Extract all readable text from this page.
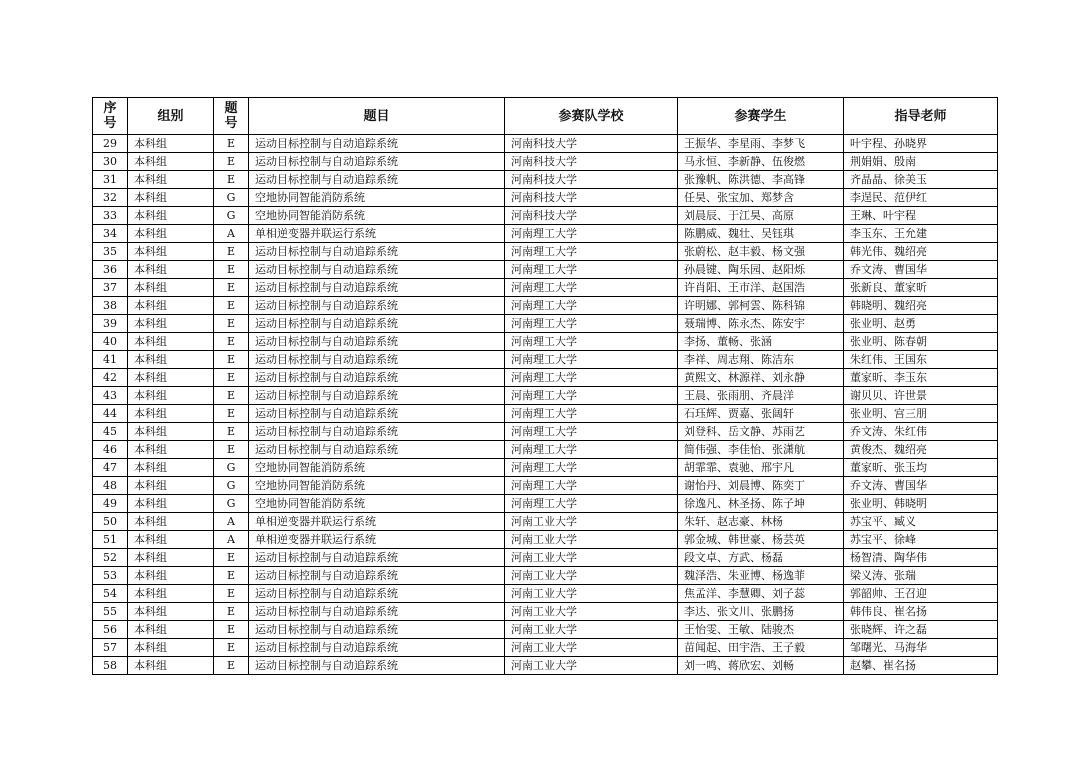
序号	组别	题号	题目	参赛队学校	参赛学生	指导老师
29	本科组	E	运动目标控制与自动追踪系统	河南科技大学	王振华、李星雨、李梦飞	叶宇程、孙晓界
30	本科组	E	运动目标控制与自动追踪系统	河南科技大学	马永恒、李新静、伍俊燃	荆娟娟、殷南
31	本科组	E	运动目标控制与自动追踪系统	河南科技大学	张豫帆、陈洪德、李高锋	齐晶晶、徐美玉
32	本科组	G	空地协同智能消防系统	河南科技大学	任昊、张宝加、郑梦含	李逞民、范伊红
33	本科组	G	空地协同智能消防系统	河南科技大学	刘晨辰、于江昊、高原	王琳、叶宇程
34	本科组	A	单相逆变器并联运行系统	河南理工大学	陈鹏威、魏壮、吴钰琪	李玉东、王允建
35	本科组	E	运动目标控制与自动追踪系统	河南理工大学	张蔚松、赵丰毅、杨文强	韩光伟、魏绍亮
36	本科组	E	运动目标控制与自动追踪系统	河南理工大学	孙晨键、陶乐园、赵阳烁	乔文涛、曹国华
37	本科组	E	运动目标控制与自动追踪系统	河南理工大学	许肖阳、王市洋、赵国浩	张新良、董家昕
38	本科组	E	运动目标控制与自动追踪系统	河南理工大学	许明娜、郭柯雲、陈科锦	韩晓明、魏绍亮
39	本科组	E	运动目标控制与自动追踪系统	河南理工大学	聂瑞博、陈永杰、陈安宇	张业明、赵勇
40	本科组	E	运动目标控制与自动追踪系统	河南理工大学	李扬、董畅、张涵	张业明、陈春朝
41	本科组	E	运动目标控制与自动追踪系统	河南理工大学	李祥、周志翔、陈洁东	朱红伟、王国东
42	本科组	E	运动目标控制与自动追踪系统	河南理工大学	黄熙文、林源祥、刘永静	董家昕、李玉东
43	本科组	E	运动目标控制与自动追踪系统	河南理工大学	王晨、张雨朋、齐晨洋	谢贝贝、许世景
44	本科组	E	运动目标控制与自动追踪系统	河南理工大学	石珏辉、贾嘉、张阔轩	张业明、宫三朋
45	本科组	E	运动目标控制与自动追踪系统	河南理工大学	刘登科、岳文静、苏雨艺	乔文涛、朱红伟
46	本科组	E	运动目标控制与自动追踪系统	河南理工大学	简伟强、李佳怡、张潇航	黄俊杰、魏绍亮
47	本科组	G	空地协同智能消防系统	河南理工大学	胡霏霏、袁驰、邢宇凡	董家昕、张玉均
48	本科组	G	空地协同智能消防系统	河南理工大学	谢怡丹、刘晨博、陈奕丁	乔文涛、曹国华
49	本科组	G	空地协同智能消防系统	河南理工大学	徐逸凡、林圣扬、陈子坤	张业明、韩晓明
50	本科组	A	单相逆变器并联运行系统	河南工业大学	朱轩、赵志豪、林杨	苏宝平、臧义
51	本科组	A	单相逆变器并联运行系统	河南工业大学	郭金城、韩世豪、杨芸英	苏宝平、徐峰
52	本科组	E	运动目标控制与自动追踪系统	河南工业大学	段文卓、方武、杨磊	杨智清、陶华伟
53	本科组	E	运动目标控制与自动追踪系统	河南工业大学	魏泽浩、朱亚博、杨逸菲	梁义涛、张瑞
54	本科组	E	运动目标控制与自动追踪系统	河南工业大学	焦孟洋、李慧卿、刘子蕊	郭韶帅、王召迎
55	本科组	E	运动目标控制与自动追踪系统	河南工业大学	李达、张文川、张鹏扬	韩伟良、崔名扬
56	本科组	E	运动目标控制与自动追踪系统	河南工业大学	王怡雯、王敏、陆骏杰	张晓辉、许之磊
57	本科组	E	运动目标控制与自动追踪系统	河南工业大学	苗闻起、田宇浩、王子毅	邹曙光、马海华
58	本科组	E	运动目标控制与自动追踪系统	河南工业大学	刘一鸣、蒋欣宏、刘畅	赵攀、崔名扬
